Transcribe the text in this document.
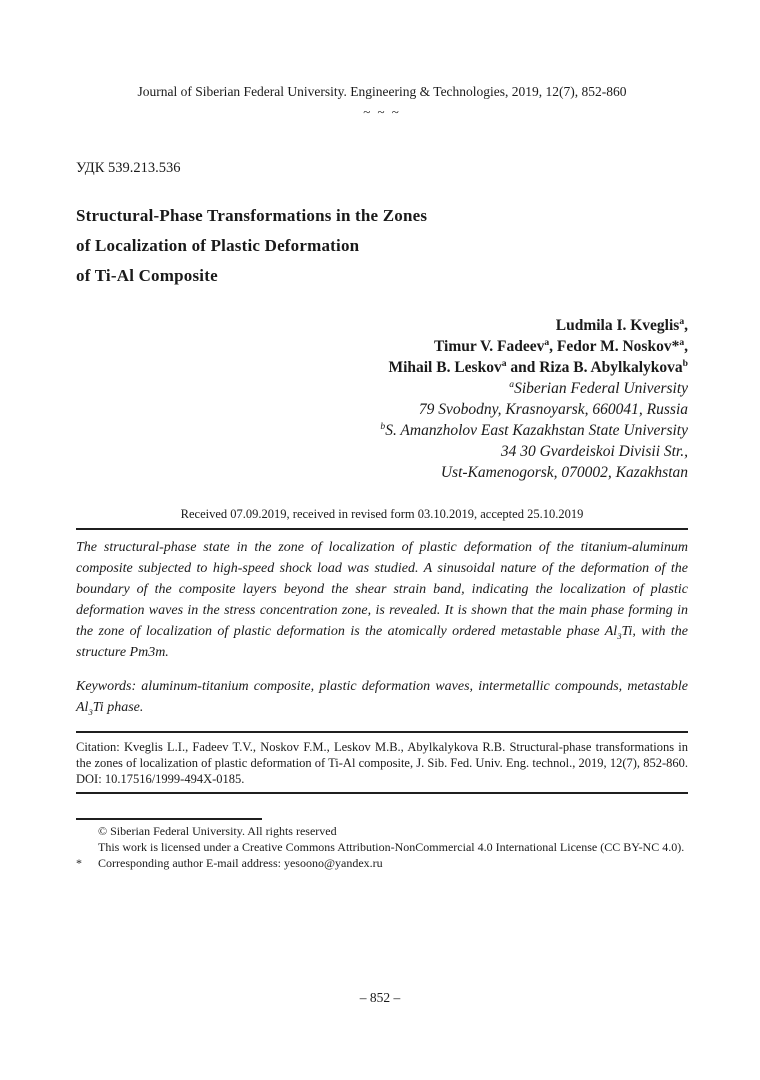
Journal of Siberian Federal University. Engineering & Technologies, 2019, 12(7), 852-860
~ ~ ~
УДК 539.213.536
Structural-Phase Transformations in the Zones
of Localization of Plastic Deformation
of Ti-Al Composite
Ludmila I. Kveglis$^a$,
Timur V. Fadeev$^a$, Fedor M. Noskov*$^a$,
Mihail B. Leskov$^a$ and Riza B. Abylkalykova$^b$
$^a$Siberian Federal University
79 Svobodny, Krasnoyarsk, 660041, Russia
$^b$S. Amanzholov East Kazakhstan State University
34 30 Gvardeiskoi Divisii Str.,
Ust-Kamenogorsk, 070002, Kazakhstan
Received 07.09.2019, received in revised form 03.10.2019, accepted 25.10.2019

The structural-phase state in the zone of localization of plastic deformation of the titanium-aluminum composite subjected to high-speed shock load was studied. A sinusoidal nature of the deformation of the boundary of the composite layers beyond the shear strain band, indicating the localization of plastic deformation waves in the stress concentration zone, is revealed. It is shown that the main phase forming in the zone of localization of plastic deformation is the atomically ordered metastable phase $Al_3Ti$, with the structure Pm3m.

Keywords: aluminum-titanium composite, plastic deformation waves, intermetallic compounds, metastable $Al_3Ti$ phase.

Citation: Kveglis L.I., Fadeev T.V., Noskov F.M., Leskov M.B., Abylkalykova R.B. Structural-phase transformations in the zones of localization of plastic deformation of Ti-Al composite, J. Sib. Fed. Univ. Eng. technol., 2019, 12(7), 852-860. DOI: 10.17516/1999-494X-0185.

© Siberian Federal University. All rights reserved
This work is licensed under a Creative Commons Attribution-NonCommercial 4.0 International License (CC BY-NC 4.0).
*	Corresponding author E-mail address: yesoono@yandex.ru
– 852 –
